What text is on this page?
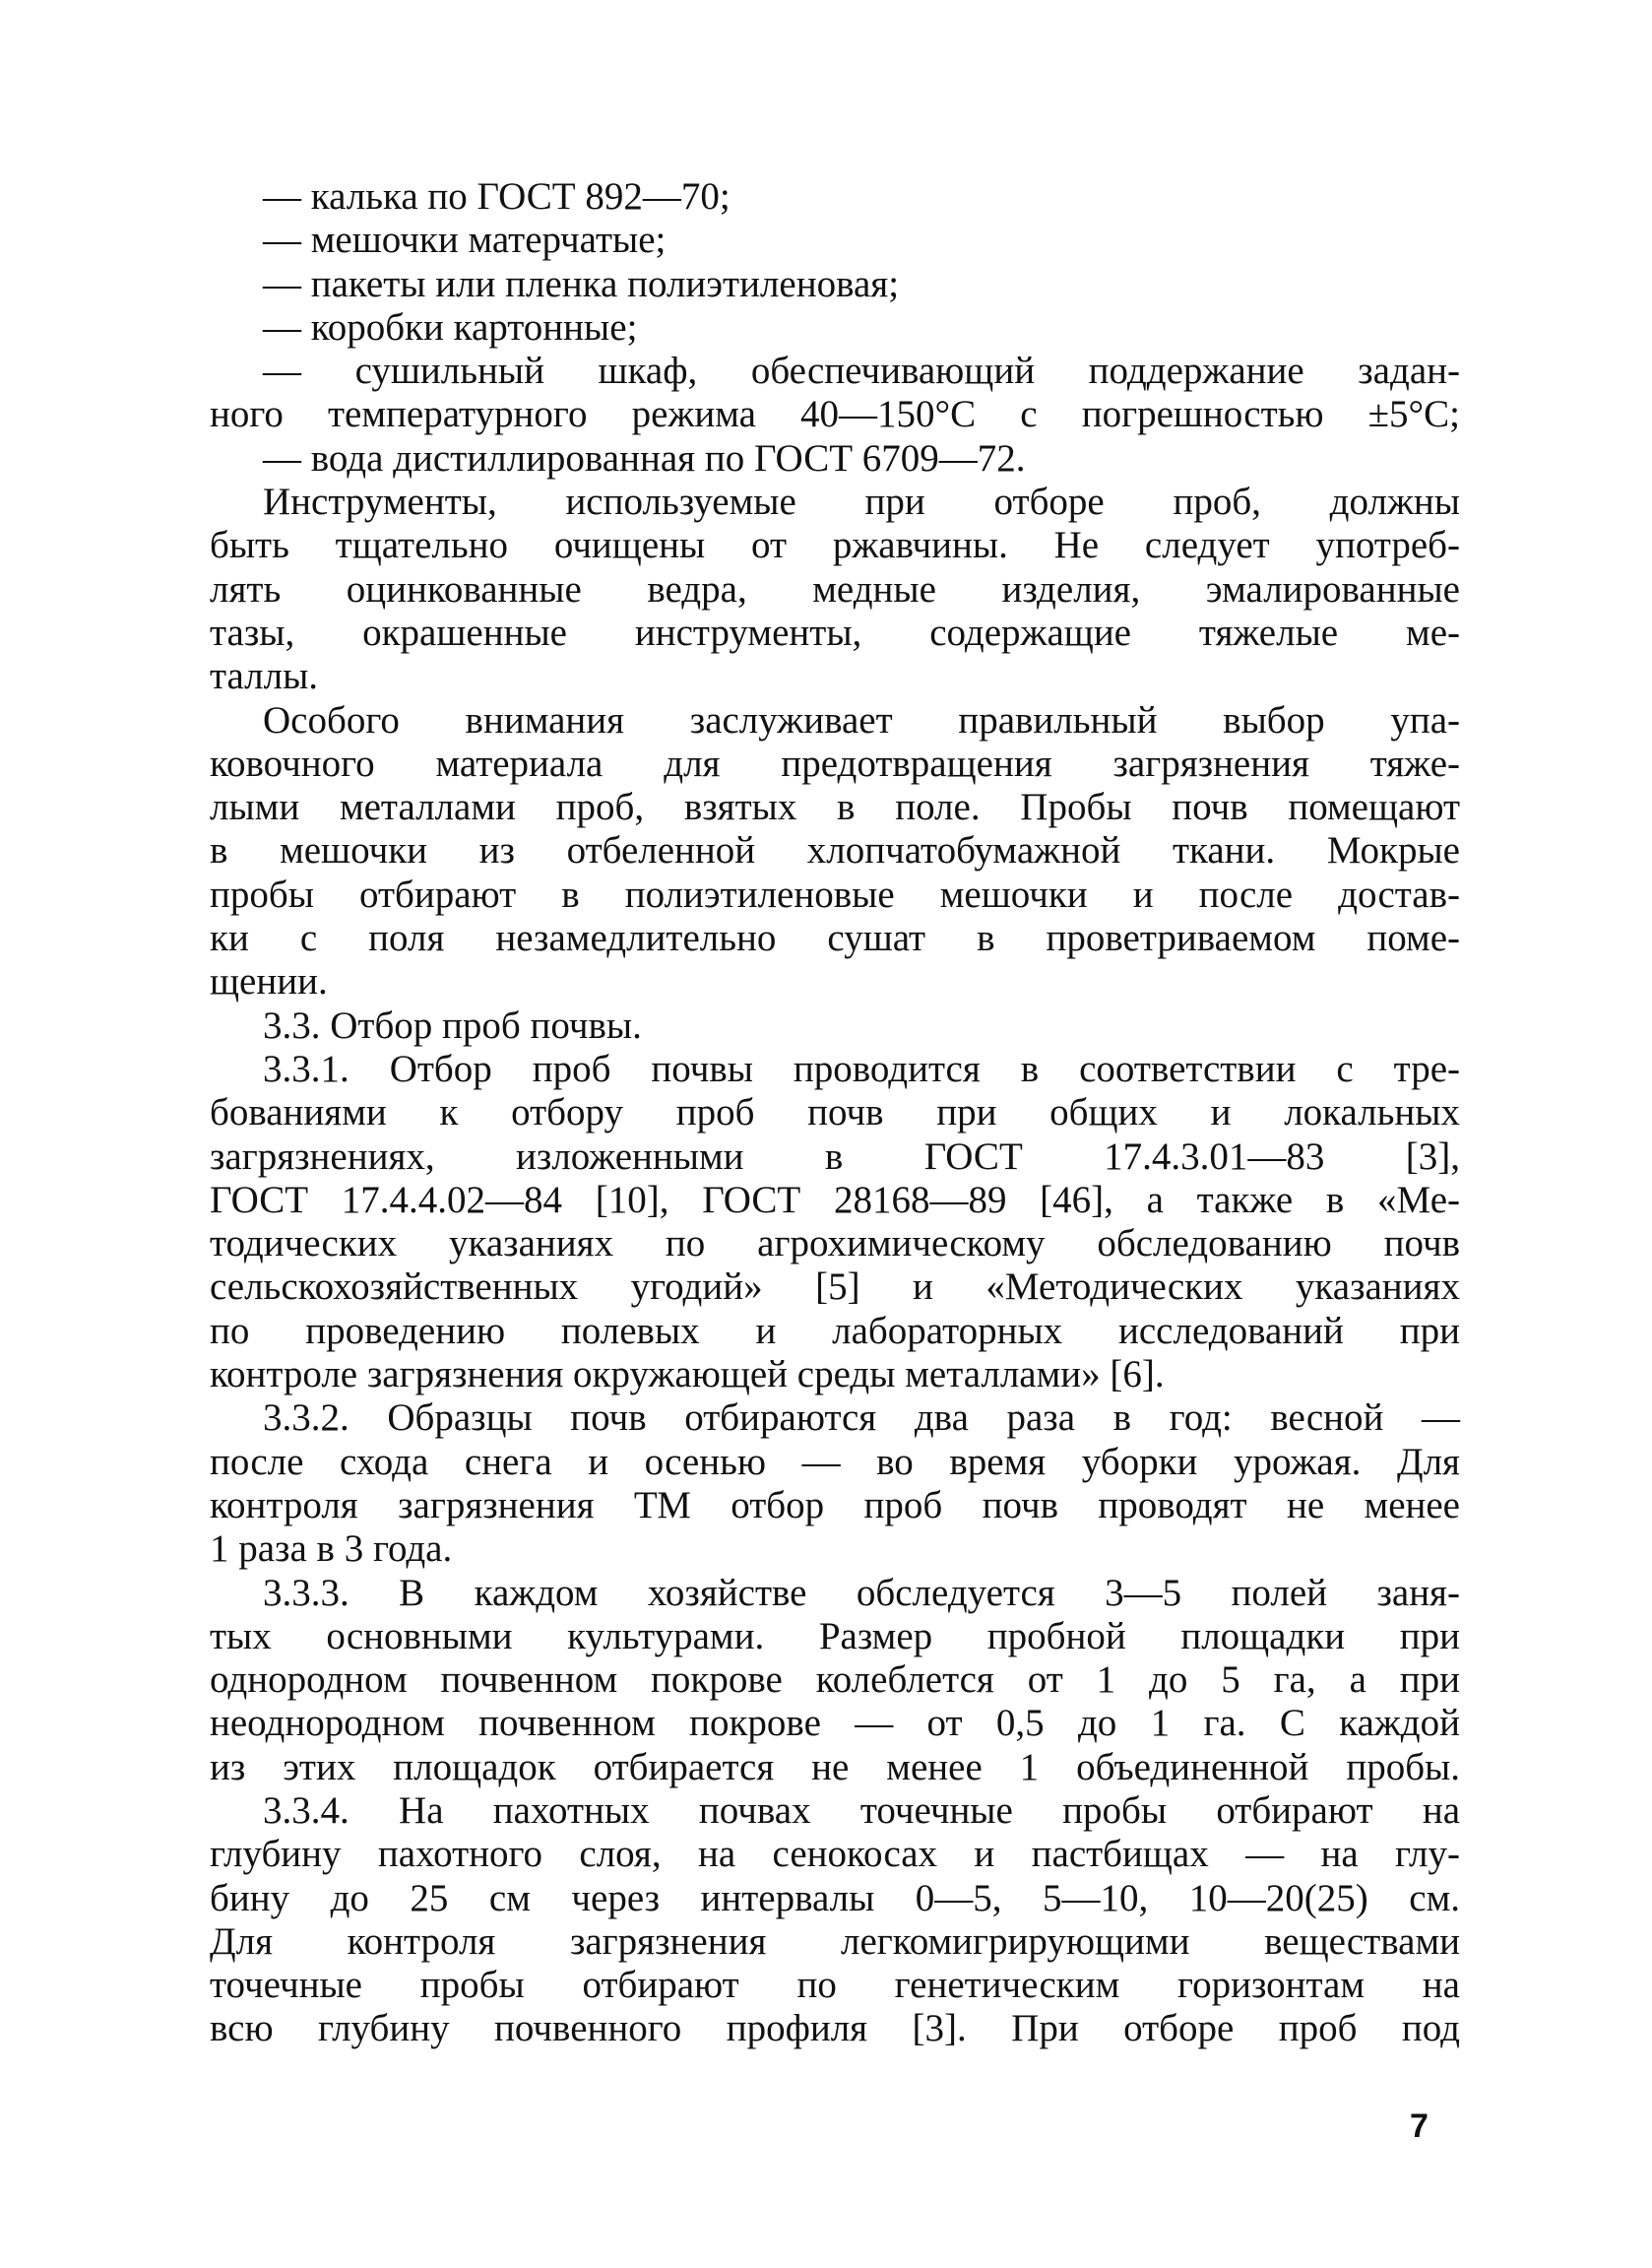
— калька по ГОСТ 892—70;
— мешочки матерчатые;
— пакеты или пленка полиэтиленовая;
— коробки картонные;
— сушильный шкаф, обеспечивающий поддержание задан-
ного температурного режима 40—150°С с погрешностью ±5°С;
— вода дистиллированная по ГОСТ 6709—72.
Инструменты, используемые при отборе проб, должны
быть тщательно очищены от ржавчины. Не следует употреб-
лять оцинкованные ведра, медные изделия, эмалированные
тазы, окрашенные инструменты, содержащие тяжелые ме-
таллы.
Особого внимания заслуживает правильный выбор упа-
ковочного материала для предотвращения загрязнения тяже-
лыми металлами проб, взятых в поле. Пробы почв помещают
в мешочки из отбеленной хлопчатобумажной ткани. Мокрые
пробы отбирают в полиэтиленовые мешочки и после достав-
ки с поля незамедлительно сушат в проветриваемом поме-
щении.
3.3. Отбор проб почвы.
3.3.1. Отбор проб почвы проводится в соответствии с тре-
бованиями к отбору проб почв при общих и локальных
загрязнениях, изложенными в ГОСТ 17.4.3.01—83 [3],
ГОСТ 17.4.4.02—84 [10], ГОСТ 28168—89 [46], а также в «Ме-
тодических указаниях по агрохимическому обследованию почв
сельскохозяйственных угодий» [5] и «Методических указаниях
по проведению полевых и лабораторных исследований при
контроле загрязнения окружающей среды металлами» [6].
3.3.2. Образцы почв отбираются два раза в год: весной —
после схода снега и осенью — во время уборки урожая. Для
контроля загрязнения ТМ отбор проб почв проводят не менее
1 раза в 3 года.
3.3.3. В каждом хозяйстве обследуется 3—5 полей заня-
тых основными культурами. Размер пробной площадки при
однородном почвенном покрове колеблется от 1 до 5 га, а при
неоднородном почвенном покрове — от 0,5 до 1 га. С каждой
из этих площадок отбирается не менее 1 объединенной пробы.
3.3.4. На пахотных почвах точечные пробы отбирают на
глубину пахотного слоя, на сенокосах и пастбищах — на глу-
бину до 25 см через интервалы 0—5, 5—10, 10—20(25) см.
Для контроля загрязнения легкомигрирующими веществами
точечные пробы отбирают по генетическим горизонтам на
всю глубину почвенного профиля [3]. При отборе проб под
7
